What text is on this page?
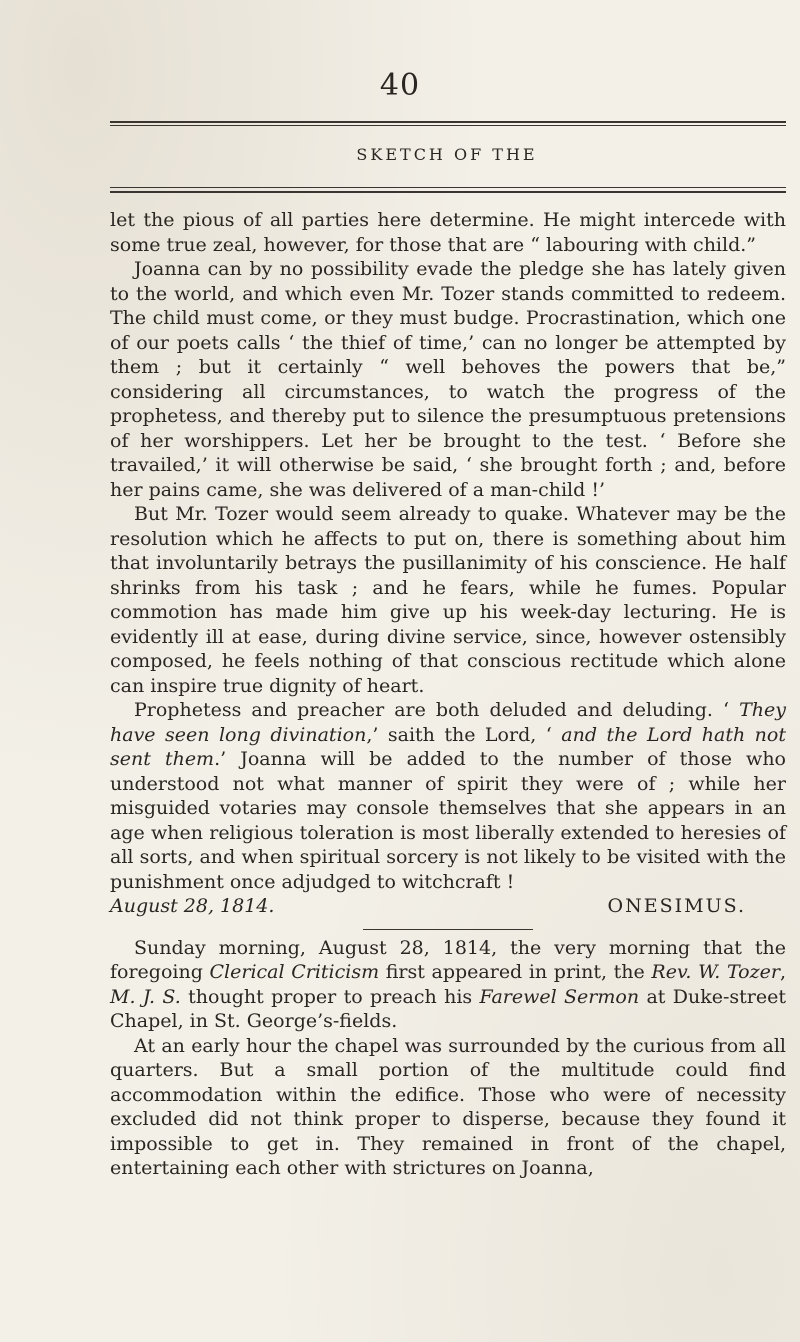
40
SKETCH OF THE

let the pious of all parties here determine. He might intercede with some true zeal, however, for those that are “ labouring with child.”

Joanna can by no possibility evade the pledge she has lately given to the world, and which even Mr. Tozer stands committed to redeem. The child must come, or they must budge. Procrastination, which one of our poets calls ‘ the thief of time,’ can no longer be attempted by them ; but it certainly “ well behoves the powers that be,” considering all circumstances, to watch the progress of the prophetess, and thereby put to silence the presumptuous pretensions of her worshippers. Let her be brought to the test. ‘ Before she travailed,’ it will otherwise be said, ‘ she brought forth ; and, before her pains came, she was delivered of a man-child !’

But Mr. Tozer would seem already to quake. Whatever may be the resolution which he affects to put on, there is something about him that involuntarily betrays the pusillanimity of his conscience. He half shrinks from his task ; and he fears, while he fumes. Popular commotion has made him give up his week-day lecturing. He is evidently ill at ease, during divine service, since, however ostensibly composed, he feels nothing of that conscious rectitude which alone can inspire true dignity of heart.

Prophetess and preacher are both deluded and deluding. ‘ They have seen long divination,’ saith the Lord, ‘ and the Lord hath not sent them.’ Joanna will be added to the number of those who understood not what manner of spirit they were of ; while her misguided votaries may console themselves that she appears in an age when religious toleration is most liberally extended to heresies of all sorts, and when spiritual sorcery is not likely to be visited with the punishment once adjudged to witchcraft !

August 28, 1814.	ONESIMUS.

Sunday morning, August 28, 1814, the very morning that the foregoing Clerical Criticism first appeared in print, the Rev. W. Tozer, M. J. S. thought proper to preach his Farewel Sermon at Duke-street Chapel, in St. George’s-fields.

At an early hour the chapel was surrounded by the curious from all quarters. But a small portion of the multitude could find accommodation within the edifice. Those who were of necessity excluded did not think proper to disperse, because they found it impossible to get in. They remained in front of the chapel, entertaining each other with strictures on Joanna,
